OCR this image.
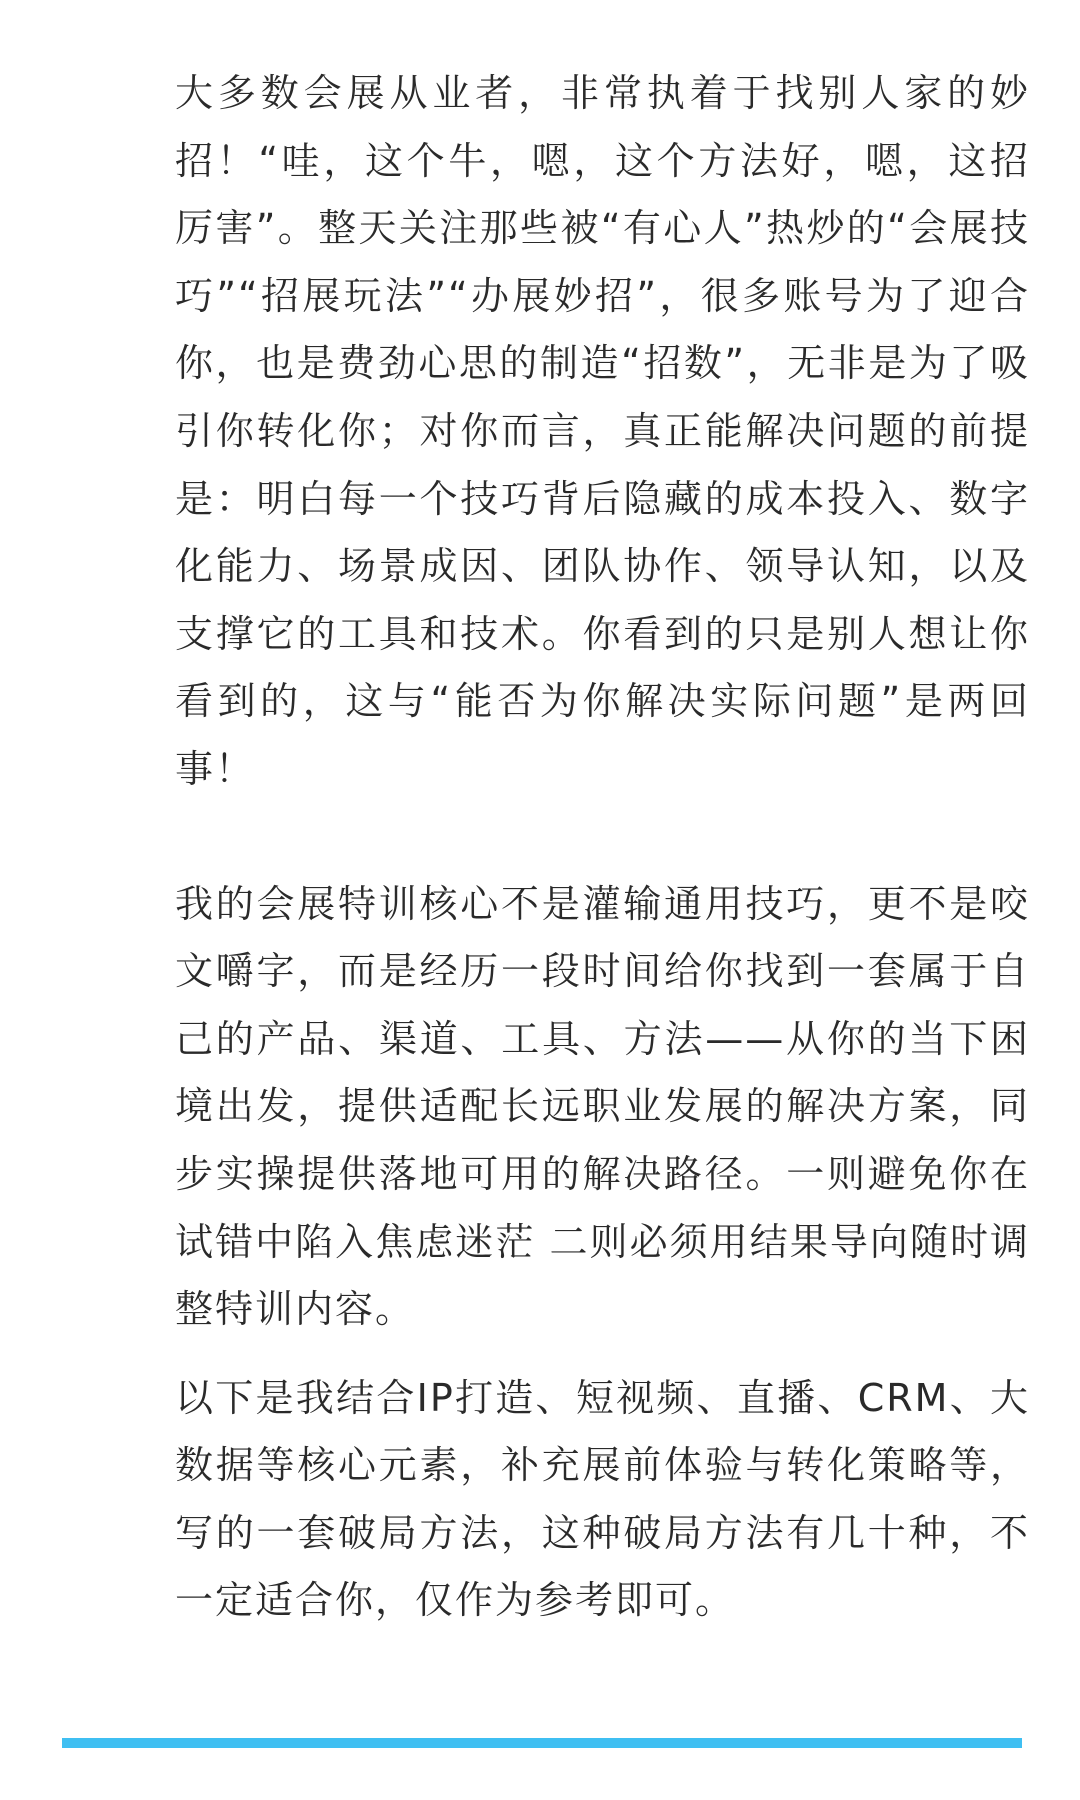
大多数会展从业者，非常执着于找别人家的妙招！“哇，这个牛，嗯，这个方法好，嗯，这招厉害”。整天关注那些被“有心人”热炒的“会展技巧”“招展玩法”“办展妙招”，很多账号为了迎合你，也是费劲心思的制造“招数”，无非是为了吸引你转化你；对你而言，真正能解决问题的前提是：明白每一个技巧背后隐藏的成本投入、数字化能力、场景成因、团队协作、领导认知，以及支撑它的工具和技术。你看到的只是别人想让你看到的，这与“能否为你解决实际问题”是两回事！

我的会展特训核心不是灌输通用技巧，更不是咬文嚼字，而是经历一段时间给你找到一套属于自己的产品、渠道、工具、方法——从你的当下困境出发，提供适配长远职业发展的解决方案，同步实操提供落地可用的解决路径。一则避免你在试错中陷入焦虑迷茫 二则必须用结果导向随时调整特训内容。

以下是我结合IP打造、短视频、直播、CRM、大数据等核心元素，补充展前体验与转化策略等，写的一套破局方法，这种破局方法有几十种，不一定适合你，仅作为参考即可。
